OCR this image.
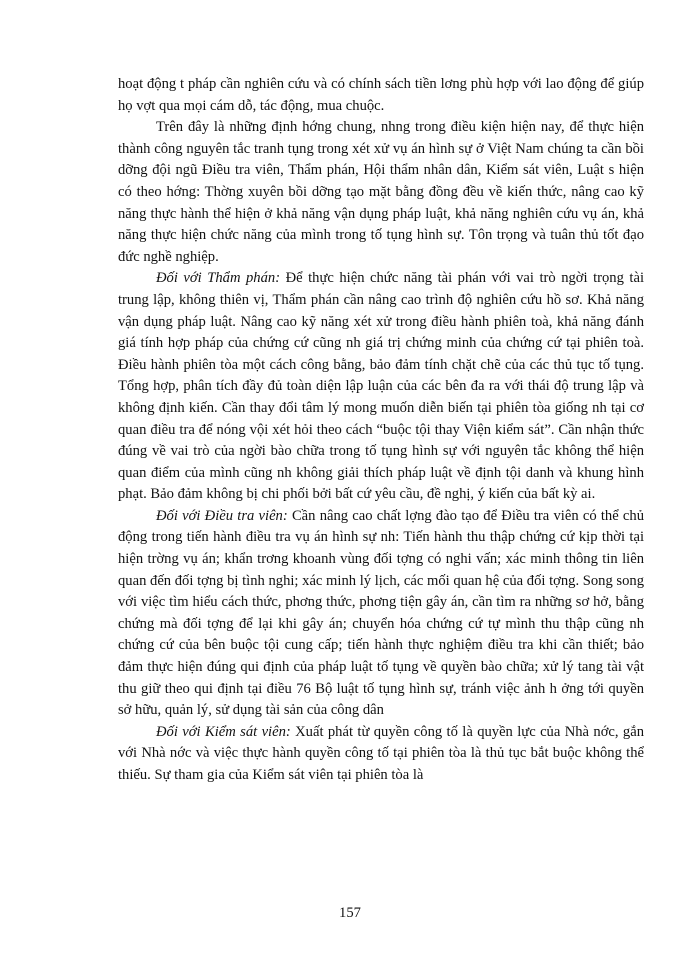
hoạt động t pháp cần nghiên cứu và có chính sách tiền lơng phù hợp với lao động để giúp họ vợt qua mọi cám dỗ, tác động, mua chuộc.

Trên đây là những định hớng chung, nhng trong điều kiện hiện nay, để thực hiện thành công nguyên tắc tranh tụng trong xét xử vụ án hình sự ở Việt Nam chúng ta cần bồi dỡng đội ngũ Điều tra viên, Thẩm phán, Hội thẩm nhân dân, Kiểm sát viên, Luật s hiện có theo hớng: Thờng xuyên bồi dỡng tạo mặt bằng đồng đều về kiến thức, nâng cao kỹ năng thực hành thể hiện ở khả năng vận dụng pháp luật, khả năng nghiên cứu vụ án, khả năng thực hiện chức năng của mình trong tố tụng hình sự. Tôn trọng và tuân thủ tốt đạo đức nghề nghiệp.

Đối với Thẩm phán: Để thực hiện chức năng tài phán với vai trò ngời trọng tài trung lập, không thiên vị, Thẩm phán cần nâng cao trình độ nghiên cứu hồ sơ. Khả năng vận dụng pháp luật. Nâng cao kỹ năng xét xử trong điều hành phiên toà, khả năng đánh giá tính hợp pháp của chứng cứ cũng nh giá trị chứng minh của chứng cứ tại phiên toà. Điều hành phiên tòa một cách công bằng, bảo đảm tính chặt chẽ của các thủ tục tố tụng. Tổng hợp, phân tích đầy đủ toàn diện lập luận của các bên đa ra với thái độ trung lập và không định kiến. Cần thay đổi tâm lý mong muốn diễn biến tại phiên tòa giống nh tại cơ quan điều tra để nóng vội xét hỏi theo cách “buộc tội thay Viện kiểm sát”. Cần nhận thức đúng về vai trò của ngời bào chữa trong tố tụng hình sự với nguyên tắc không thể hiện quan điểm của mình cũng nh không giải thích pháp luật về định tội danh và khung hình phạt. Bảo đảm không bị chi phối bởi bất cứ yêu cầu, đề nghị, ý kiến của bất kỳ ai.

Đối với Điều tra viên: Cần nâng cao chất lợng đào tạo để Điều tra viên có thể chủ động trong tiến hành điều tra vụ án hình sự nh: Tiến hành thu thập chứng cứ kịp thời tại hiện trờng vụ án; khẩn trơng khoanh vùng đối tợng có nghi vấn; xác minh thông tin liên quan đến đối tợng bị tình nghi; xác minh lý lịch, các mối quan hệ của đối tợng. Song song với việc tìm hiểu cách thức, phơng thức, phơng tiện gây án, cần tìm ra những sơ hở, bằng chứng mà đối tợng để lại khi gây án; chuyển hóa chứng cứ tự mình thu thập cũng nh chứng cứ của bên buộc tội cung cấp; tiến hành thực nghiệm điều tra khi cần thiết; bảo đảm thực hiện đúng qui định của pháp luật tố tụng về quyền bào chữa; xử lý tang tài vật thu giữ theo qui định tại điều 76 Bộ luật tố tụng hình sự, tránh việc ảnh h ởng tới quyền sở hữu, quản lý, sử dụng tài sản của công dân

Đối với Kiểm sát viên: Xuất phát từ quyền công tố là quyền lực của Nhà nớc, gắn với Nhà nớc và việc thực hành quyền công tố tại phiên tòa là thủ tục bắt buộc không thể thiếu. Sự tham gia của Kiểm sát viên tại phiên tòa là

157
